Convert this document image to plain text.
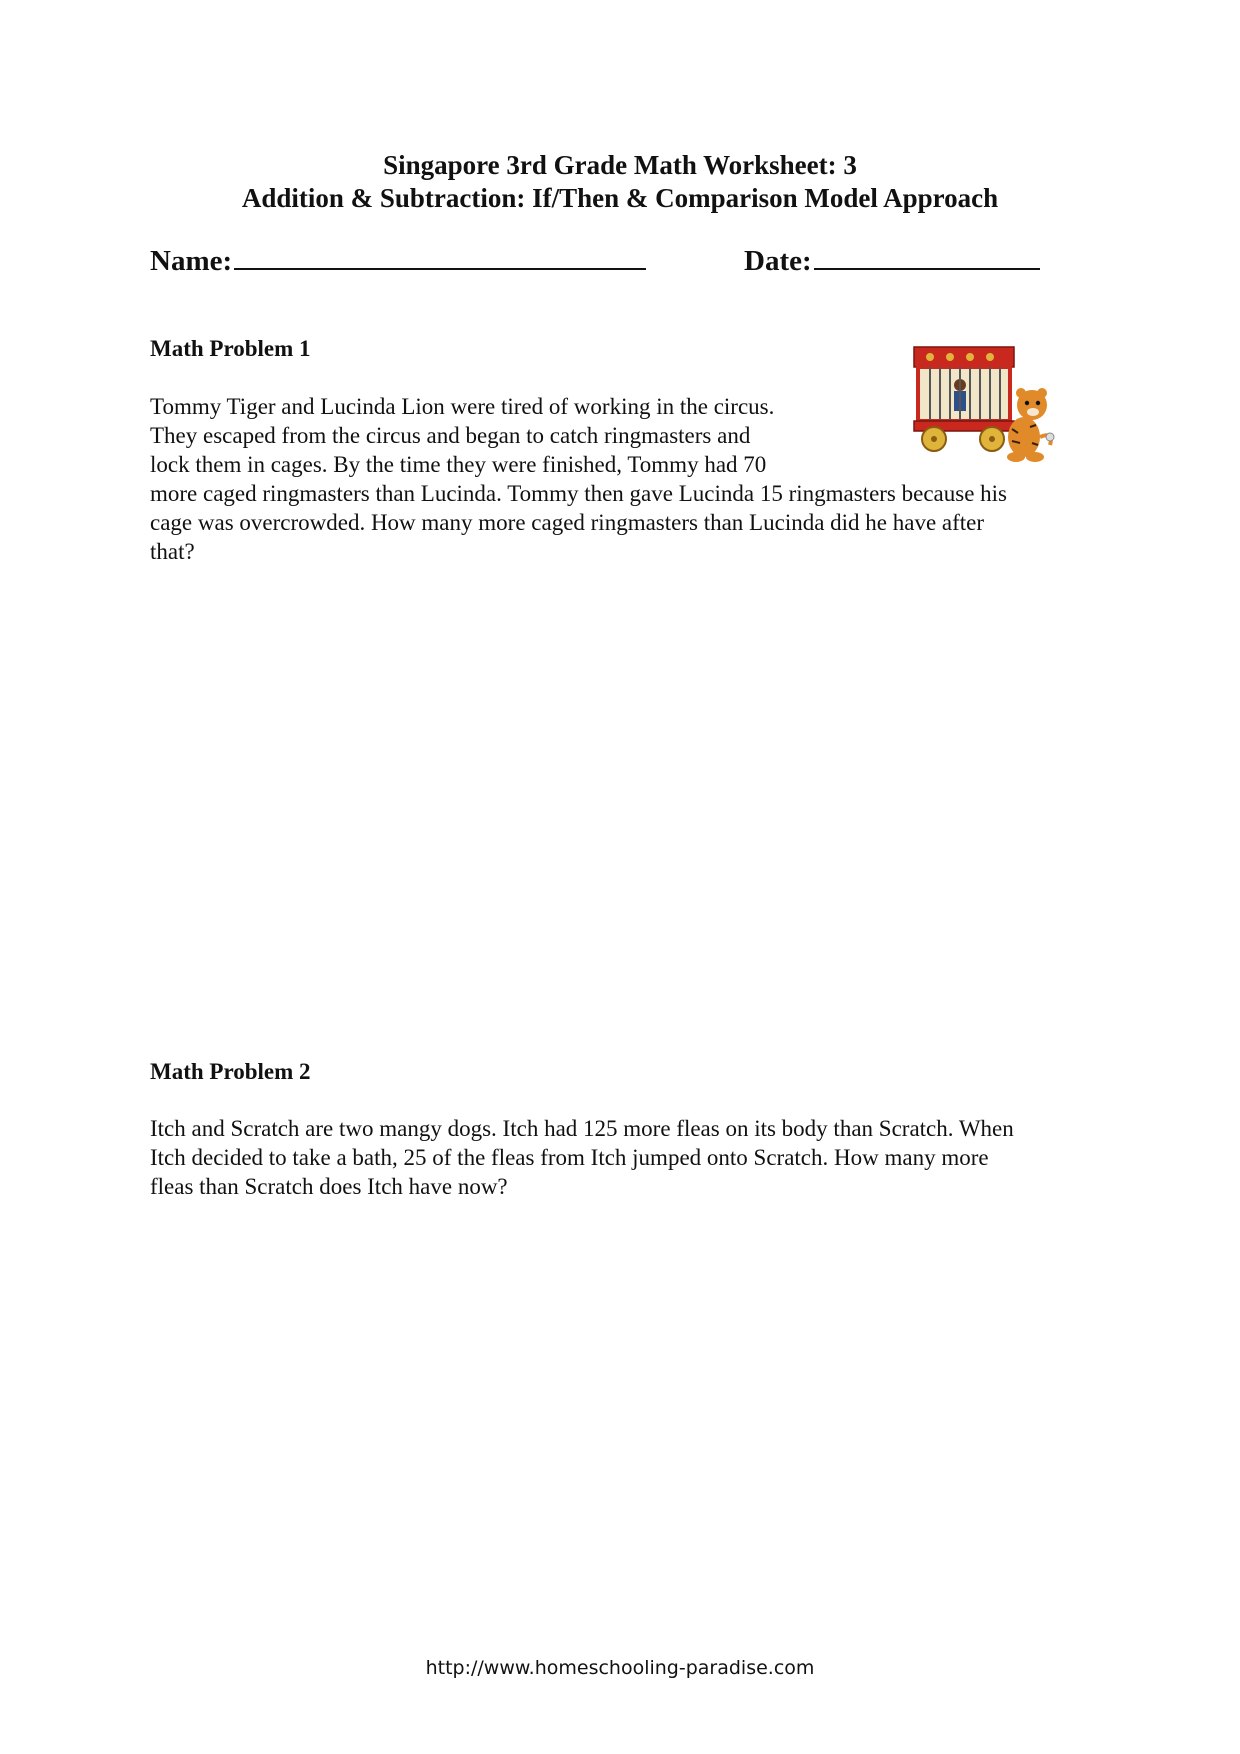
Singapore 3rd Grade Math Worksheet: 3
Addition & Subtraction: If/Then & Comparison Model Approach
Name:	Date:
Math Problem 1

Tommy Tiger and Lucinda Lion were tired of working in the circus.
They escaped from the circus and began to catch ringmasters and
lock them in cages. By the time they were finished, Tommy had 70
more caged ringmasters than Lucinda. Tommy then gave Lucinda 15 ringmasters because his
cage was overcrowded. How many more caged ringmasters than Lucinda did he have after
that?

Math Problem 2

Itch and Scratch are two mangy dogs. Itch had 125 more fleas on its body than Scratch. When
Itch decided to take a bath, 25 of the fleas from Itch jumped onto Scratch. How many more
fleas than Scratch does Itch have now?

http://www.homeschooling-paradise.com
